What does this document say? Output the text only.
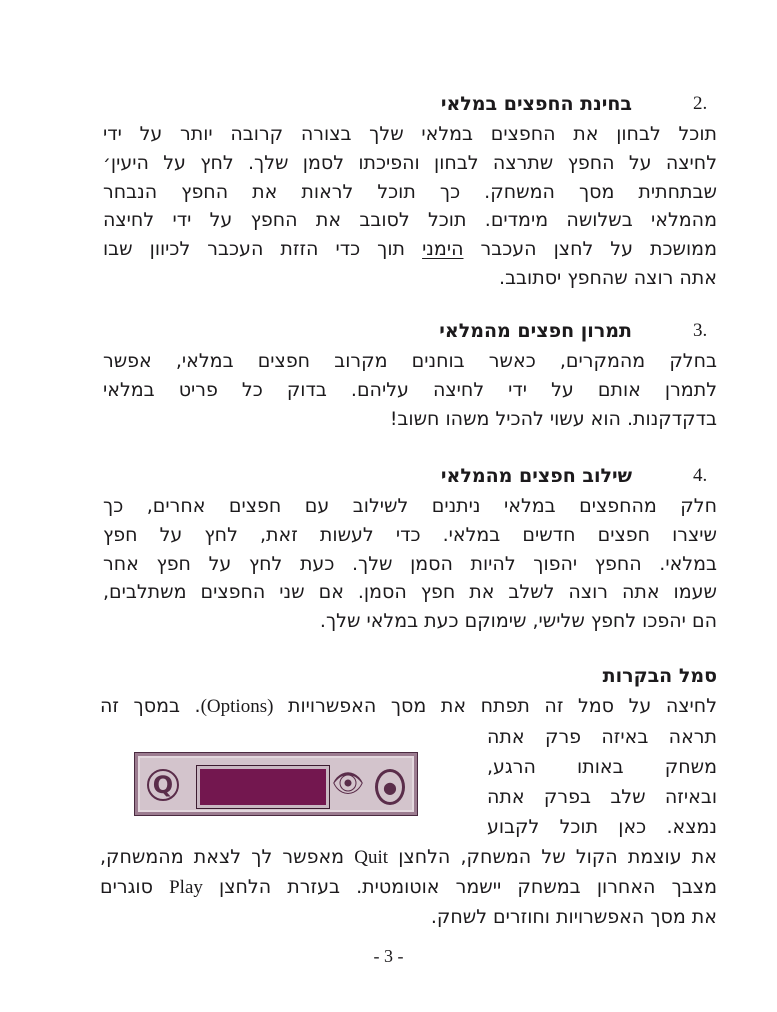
2.
בחינת החפצים במלאי
תוכל לבחון את החפצים במלאי שלך בצורה קרובה יותר על ידי
לחיצה על החפץ שתרצה לבחון והפיכתו לסמן שלך. לחץ על היעין׳
שבתחתית מסך המשחק. כך תוכל לראות את החפץ הנבחר
מהמלאי בשלושה מימדים. תוכל לסובב את החפץ על ידי לחיצה
ממושכת על לחצן העכבר הימני תוך כדי הזזת העכבר לכיוון שבו
אתה רוצה שהחפץ יסתובב.
3.
תמרון חפצים מהמלאי
בחלק מהמקרים, כאשר בוחנים מקרוב חפצים במלאי, אפשר
לתמרן אותם על ידי לחיצה עליהם. בדוק כל פריט במלאי
בדקדקנות. הוא עשוי להכיל משהו חשוב!
4.
שילוב חפצים מהמלאי
חלק מהחפצים במלאי ניתנים לשילוב עם חפצים אחרים, כך
שיצרו חפצים חדשים במלאי. כדי לעשות זאת, לחץ על חפץ
במלאי. החפץ יהפוך להיות הסמן שלך. כעת לחץ על חפץ אחר
שעמו אתה רוצה לשלב את חפץ הסמן. אם שני החפצים משתלבים,
הם יהפכו לחפץ שלישי, שימוקם כעת במלאי שלך.
סמל הבקרות
לחיצה על סמל זה תפתח את מסך האפשרויות (Options). במסך זה
תראה באיזה פרק אתה
משחק באותו הרגע,
ובאיזה שלב בפרק אתה
נמצא. כאן תוכל לקבוע
את עוצמת הקול של המשחק, הלחצן Quit מאפשר לך לצאת מהמשחק,
מצבך האחרון במשחק יישמר אוטומטית. בעזרת הלחצן Play סוגרים
את מסך האפשרויות וחוזרים לשחק.
Q	👁	●
- 3 -
